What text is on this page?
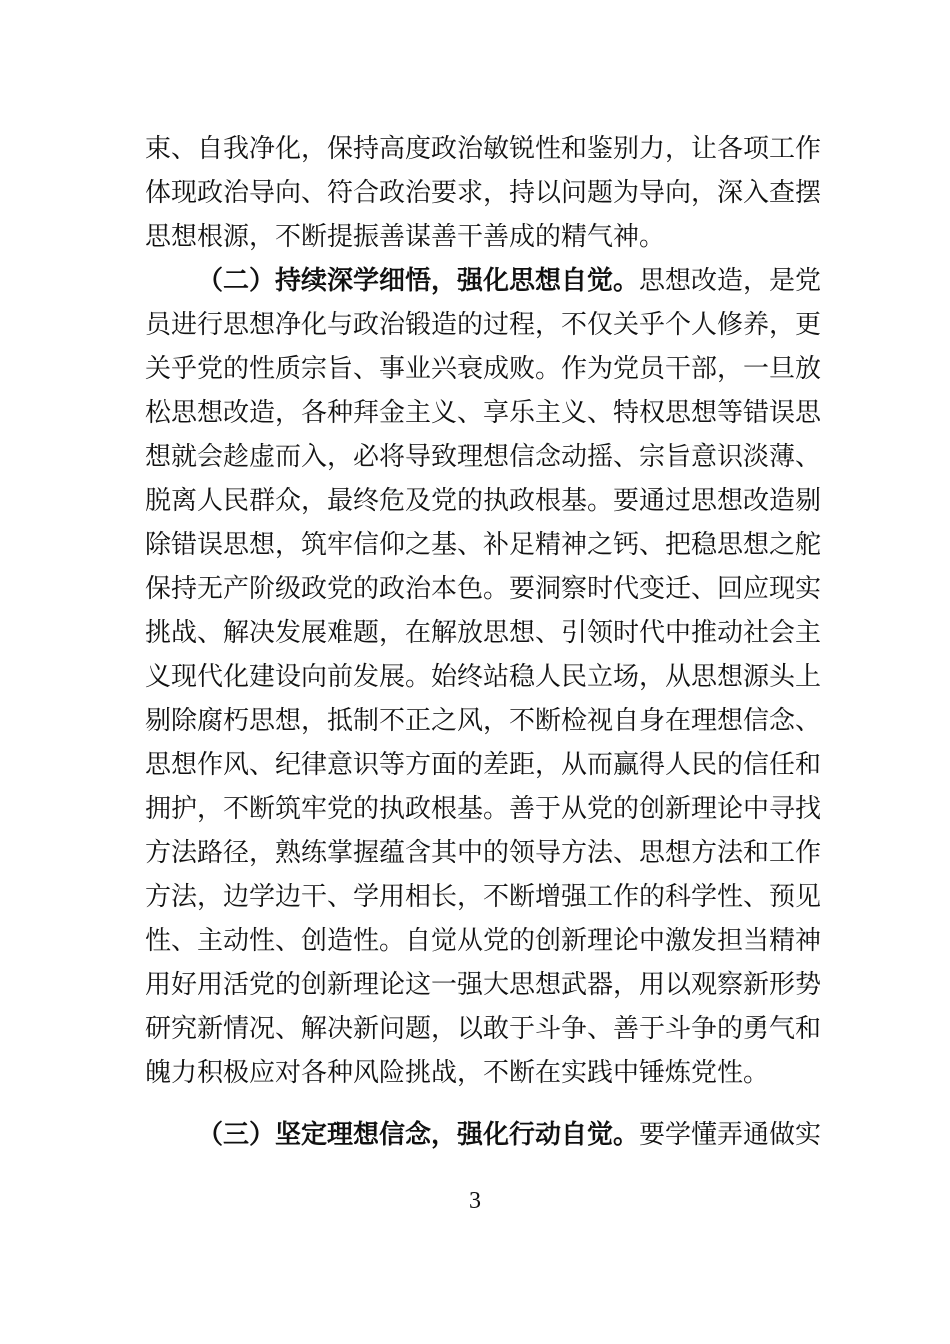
束、自我净化，保持高度政治敏锐性和鉴别力，让各项工作
体现政治导向、符合政治要求，持以问题为导向，深入查摆
思想根源，不断提振善谋善干善成的精气神。
（二）持续深学细悟，强化思想自觉。思想改造，是党
员进行思想净化与政治锻造的过程，不仅关乎个人修养，更
关乎党的性质宗旨、事业兴衰成败。作为党员干部，一旦放
松思想改造，各种拜金主义、享乐主义、特权思想等错误思
想就会趁虚而入，必将导致理想信念动摇、宗旨意识淡薄、
脱离人民群众，最终危及党的执政根基。要通过思想改造剔
除错误思想，筑牢信仰之基、补足精神之钙、把稳思想之舵
保持无产阶级政党的政治本色。要洞察时代变迁、回应现实
挑战、解决发展难题，在解放思想、引领时代中推动社会主
义现代化建设向前发展。始终站稳人民立场，从思想源头上
剔除腐朽思想，抵制不正之风，不断检视自身在理想信念、
思想作风、纪律意识等方面的差距，从而赢得人民的信任和
拥护，不断筑牢党的执政根基。善于从党的创新理论中寻找
方法路径，熟练掌握蕴含其中的领导方法、思想方法和工作
方法，边学边干、学用相长，不断增强工作的科学性、预见
性、主动性、创造性。自觉从党的创新理论中激发担当精神
用好用活党的创新理论这一强大思想武器，用以观察新形势
研究新情况、解决新问题，以敢于斗争、善于斗争的勇气和
魄力积极应对各种风险挑战，不断在实践中锤炼党性。
（三）坚定理想信念，强化行动自觉。要学懂弄通做实
3
